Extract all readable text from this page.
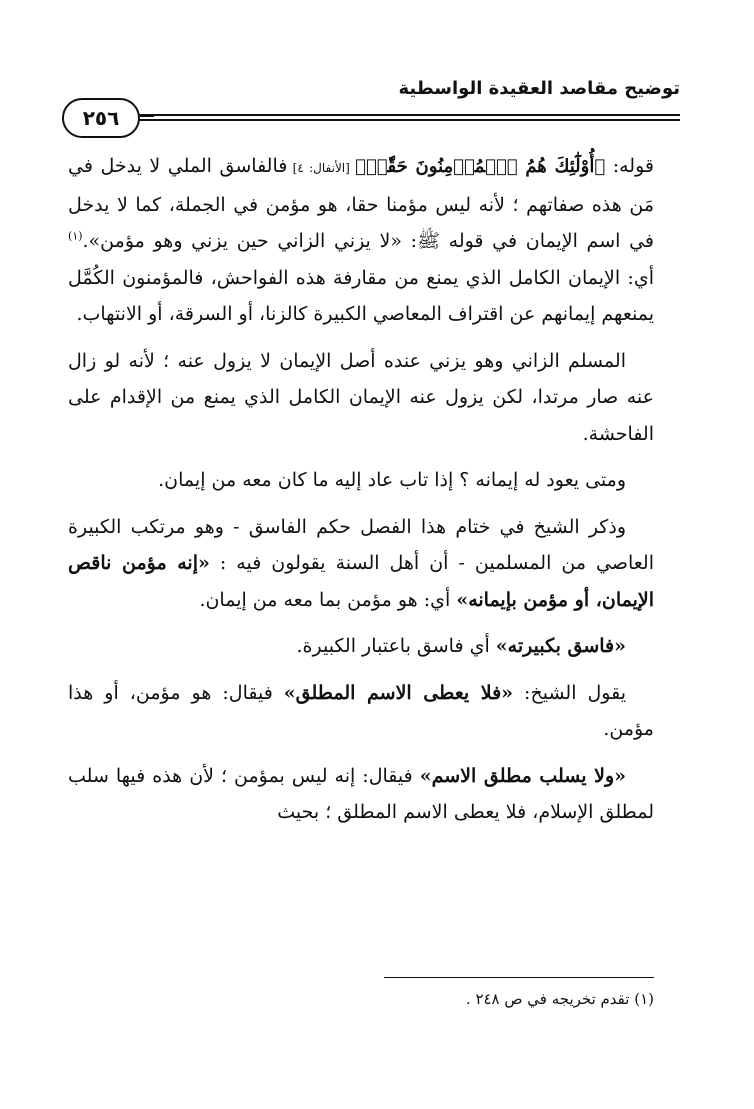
توضيح مقاصد العقيدة الواسطية
٢٥٦

قوله: ﴿أُوْلَٰٓئِكَ هُمُ ٱلۡمُؤۡمِنُونَ حَقّٗاۚ﴾ [الأنفال: ٤] فالفاسق الملي لا يدخل في مَن هذه صفاتهم ؛ لأنه ليس مؤمنا حقا، هو مؤمن في الجملة، كما لا يدخل في اسم الإيمان في قوله ﷺ: «لا يزني الزاني حين يزني وهو مؤمن».$^{(١)}$ أي: الإيمان الكامل الذي يمنع من مقارفة هذه الفواحش، فالمؤمنون الكُمَّل يمنعهم إيمانهم عن اقتراف المعاصي الكبيرة كالزنا، أو السرقة، أو الانتهاب.

المسلم الزاني وهو يزني عنده أصل الإيمان لا يزول عنه ؛ لأنه لو زال عنه صار مرتدا، لكن يزول عنه الإيمان الكامل الذي يمنع من الإقدام على الفاحشة.

ومتى يعود له إيمانه ؟ إذا تاب عاد إليه ما كان معه من إيمان.

وذكر الشيخ في ختام هذا الفصل حكم الفاسق - وهو مرتكب الكبيرة العاصي من المسلمين - أن أهل السنة يقولون فيه : «إنه مؤمن ناقص الإيمان، أو مؤمن بإيمانه» أي: هو مؤمن بما معه من إيمان.

«فاسق بكبيرته» أي فاسق باعتبار الكبيرة.

يقول الشيخ: «فلا يعطى الاسم المطلق» فيقال: هو مؤمن، أو هذا مؤمن.

«ولا يسلب مطلق الاسم» فيقال: إنه ليس بمؤمن ؛ لأن هذه فيها سلب لمطلق الإسلام، فلا يعطى الاسم المطلق ؛ بحيث

(١) تقدم تخريجه في ص ٢٤٨ .
